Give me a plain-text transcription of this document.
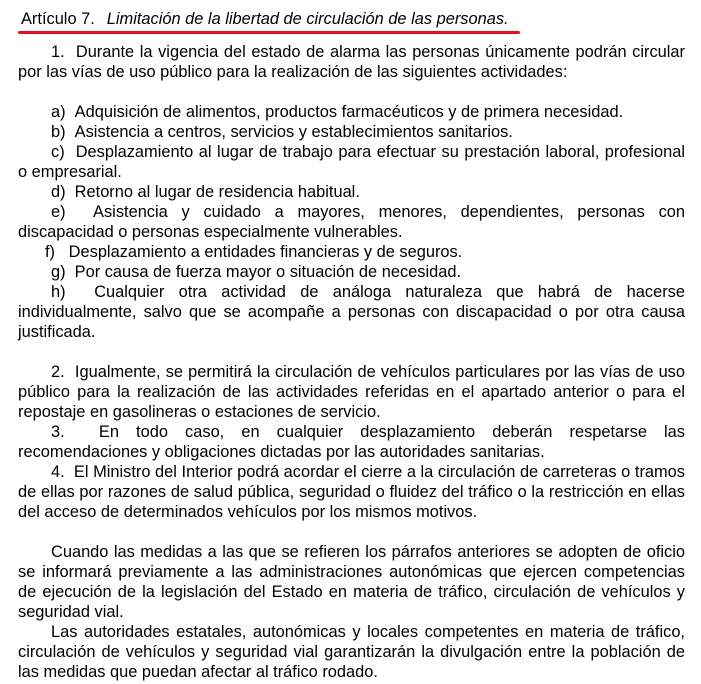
Artículo 7. Limitación de la libertad de circulación de las personas.

1.  Durante la vigencia del estado de alarma las personas únicamente podrán circular por las vías de uso público para la realización de las siguientes actividades:

a)  Adquisición de alimentos, productos farmacéuticos y de primera necesidad.

b)  Asistencia a centros, servicios y establecimientos sanitarios.

c)  Desplazamiento al lugar de trabajo para efectuar su prestación laboral, profesional o empresarial.

d)  Retorno al lugar de residencia habitual.

e)  Asistencia y cuidado a mayores, menores, dependientes, personas con discapacidad o personas especialmente vulnerables.

f)   Desplazamiento a entidades financieras y de seguros.

g)  Por causa de fuerza mayor o situación de necesidad.

h)  Cualquier otra actividad de análoga naturaleza que habrá de hacerse individualmente, salvo que se acompañe a personas con discapacidad o por otra causa justificada.

2.  Igualmente, se permitirá la circulación de vehículos particulares por las vías de uso público para la realización de las actividades referidas en el apartado anterior o para el repostaje en gasolineras o estaciones de servicio.

3.  En todo caso, en cualquier desplazamiento deberán respetarse las recomendaciones y obligaciones dictadas por las autoridades sanitarias.

4.  El Ministro del Interior podrá acordar el cierre a la circulación de carreteras o tramos de ellas por razones de salud pública, seguridad o fluidez del tráfico o la restricción en ellas del acceso de determinados vehículos por los mismos motivos.

Cuando las medidas a las que se refieren los párrafos anteriores se adopten de oficio se informará previamente a las administraciones autonómicas que ejercen competencias de ejecución de la legislación del Estado en materia de tráfico, circulación de vehículos y seguridad vial.

Las autoridades estatales, autonómicas y locales competentes en materia de tráfico, circulación de vehículos y seguridad vial garantizarán la divulgación entre la población de las medidas que puedan afectar al tráfico rodado.
